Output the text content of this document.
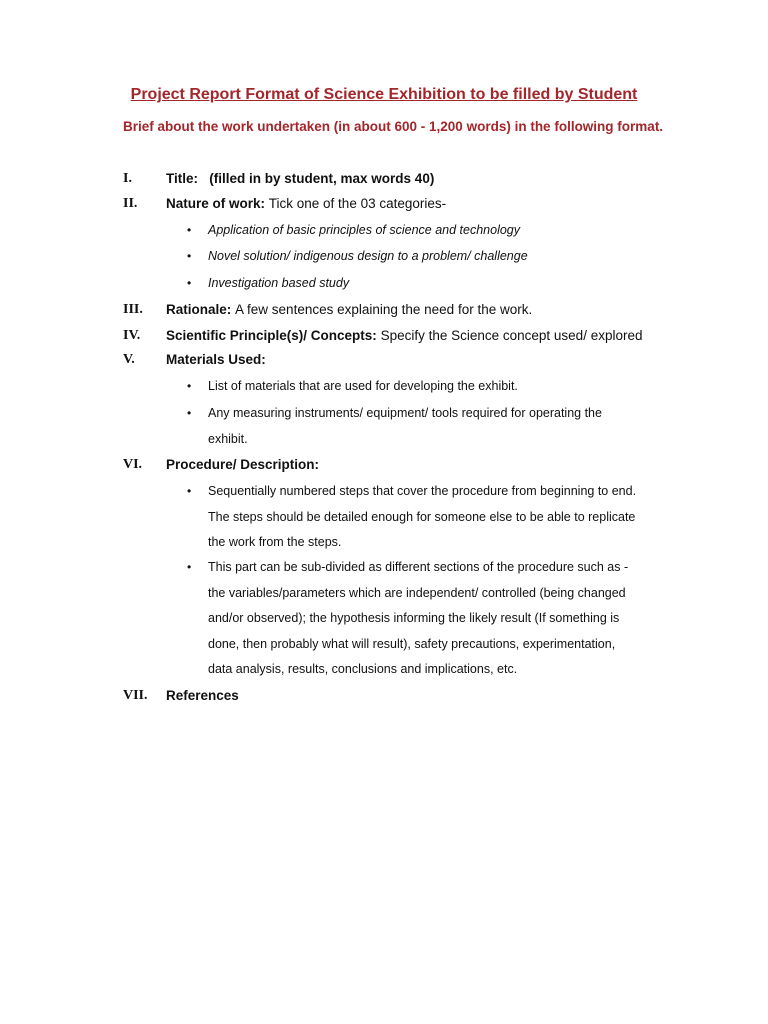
Project Report Format of Science Exhibition to be filled by Student
Brief about the work undertaken (in about 600 - 1,200 words) in the following format.
I.	Title: (filled in by student, max words 40)
II. Nature of work: Tick one of the 03 categories-
• Application of basic principles of science and technology
• Novel solution/ indigenous design to a problem/ challenge
• Investigation based study
III. Rationale: A few sentences explaining the need for the work.
IV. Scientific Principle(s)/ Concepts: Specify the Science concept used/ explored
V. Materials Used:
• List of materials that are used for developing the exhibit.
• Any measuring instruments/ equipment/ tools required for operating the exhibit.
VI. Procedure/ Description:
• Sequentially numbered steps that cover the procedure from beginning to end. The steps should be detailed enough for someone else to be able to replicate the work from the steps.
• This part can be sub-divided as different sections of the procedure such as - the variables/parameters which are independent/ controlled (being changed and/or observed); the hypothesis informing the likely result (If something is done, then probably what will result), safety precautions, experimentation, data analysis, results, conclusions and implications, etc.
VII. References
